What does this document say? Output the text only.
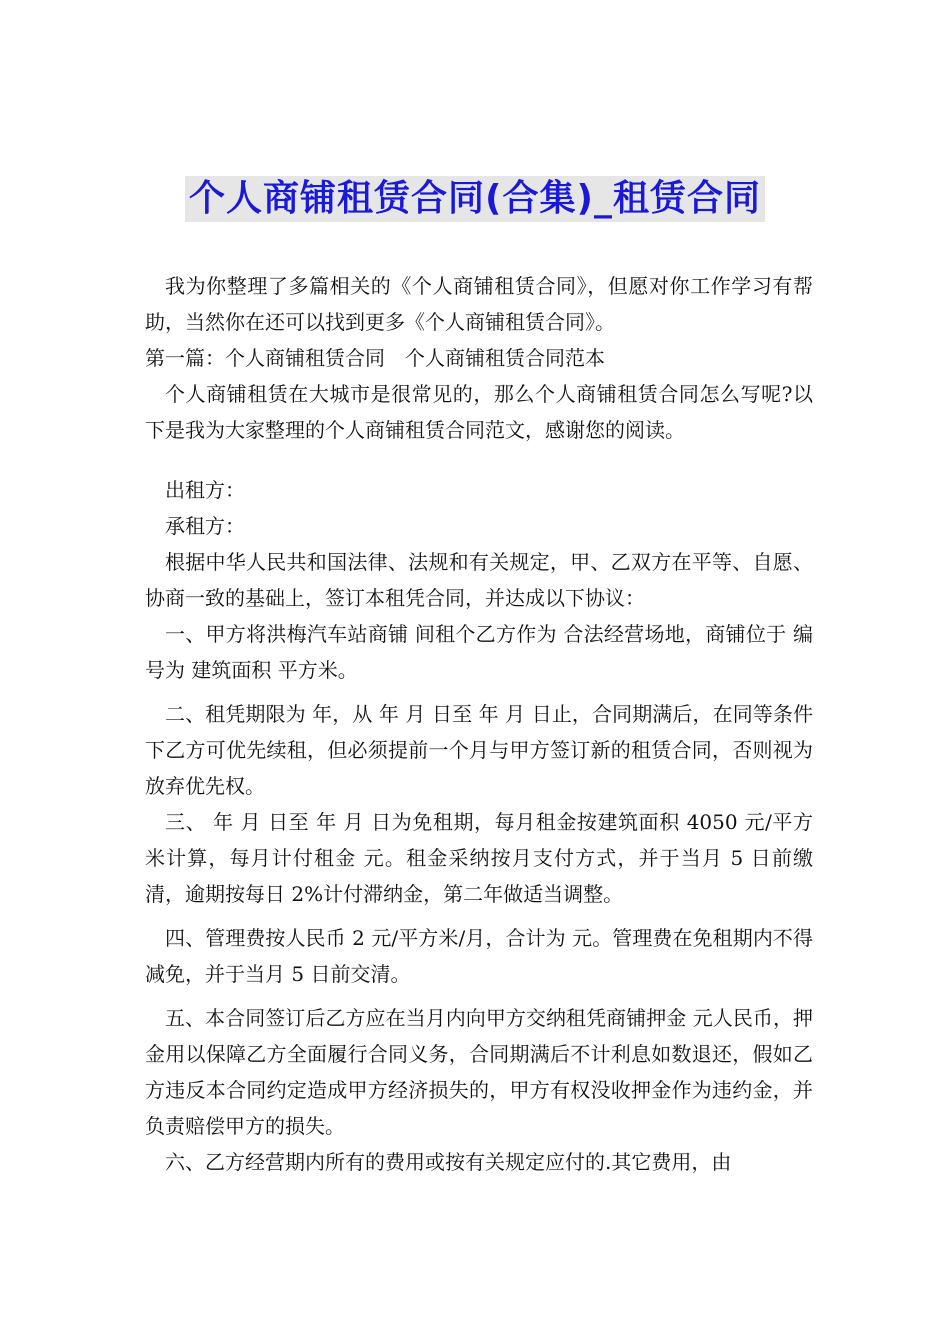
个人商铺租赁合同(合集)_租赁合同

我为你整理了多篇相关的《个人商铺租赁合同》，但愿对你工作学习有帮助，当然你在还可以找到更多《个人商铺租赁合同》。

第一篇：个人商铺租赁合同　个人商铺租赁合同范本

个人商铺租赁在大城市是很常见的，那么个人商铺租赁合同怎么写呢?以下是我为大家整理的个人商铺租赁合同范文，感谢您的阅读。

出租方：

承租方：

根据中华人民共和国法律、法规和有关规定，甲、乙双方在平等、自愿、协商一致的基础上，签订本租凭合同，并达成以下协议：

一、甲方将洪梅汽车站商铺 间租个乙方作为 合法经营场地，商铺位于 编号为 建筑面积 平方米。

二、租凭期限为 年，从 年 月 日至 年 月 日止，合同期满后，在同等条件下乙方可优先续租，但必须提前一个月与甲方签订新的租赁合同，否则视为放弃优先权。

三、 年 月 日至 年 月 日为免租期，每月租金按建筑面积 4050 元/平方米计算，每月计付租金 元。租金采纳按月支付方式，并于当月 5 日前缴清，逾期按每日 2%计付滞纳金，第二年做适当调整。

四、管理费按人民币 2 元/平方米/月，合计为 元。管理费在免租期内不得减免，并于当月 5 日前交清。

五、本合同签订后乙方应在当月内向甲方交纳租凭商铺押金 元人民币，押金用以保障乙方全面履行合同义务，合同期满后不计利息如数退还，假如乙方违反本合同约定造成甲方经济损失的，甲方有权没收押金作为违约金，并负责赔偿甲方的损失。

六、乙方经营期内所有的费用或按有关规定应付的.其它费用，由
